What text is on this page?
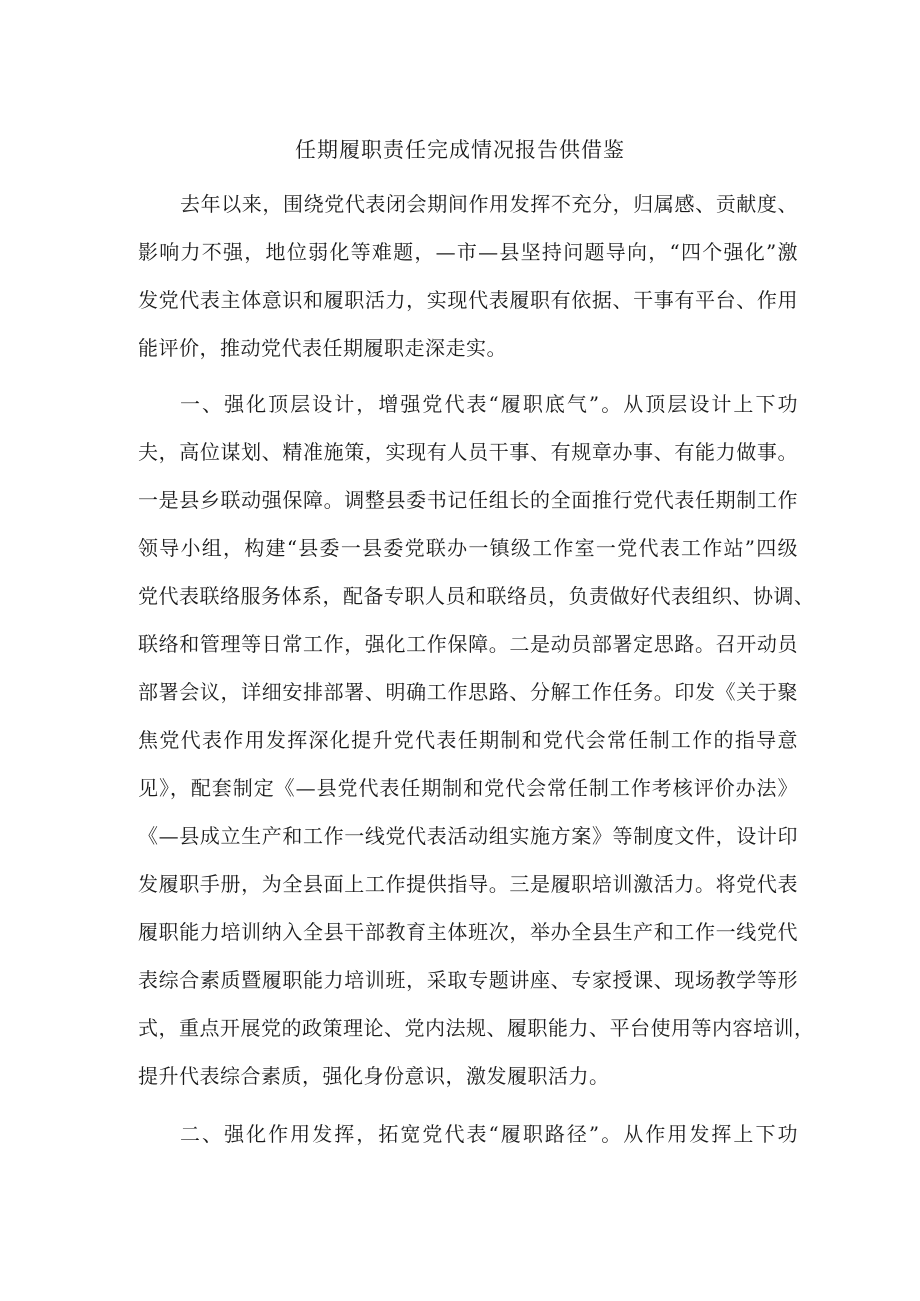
任期履职责任完成情况报告供借鉴
去年以来，围绕党代表闭会期间作用发挥不充分，归属感、贡献度、
影响力不强，地位弱化等难题，—市—县坚持问题导向，“四个强化”激
发党代表主体意识和履职活力，实现代表履职有依据、干事有平台、作用
能评价，推动党代表任期履职走深走实。
一、强化顶层设计，增强党代表“履职底气”。从顶层设计上下功
夫，高位谋划、精准施策，实现有人员干事、有规章办事、有能力做事。
一是县乡联动强保障。调整县委书记任组长的全面推行党代表任期制工作
领导小组，构建“县委一县委党联办一镇级工作室一党代表工作站”四级
党代表联络服务体系，配备专职人员和联络员，负责做好代表组织、协调、
联络和管理等日常工作，强化工作保障。二是动员部署定思路。召开动员
部署会议，详细安排部署、明确工作思路、分解工作任务。印发《关于聚
焦党代表作用发挥深化提升党代表任期制和党代会常任制工作的指导意
见》，配套制定《—县党代表任期制和党代会常任制工作考核评价办法》
《—县成立生产和工作一线党代表活动组实施方案》等制度文件，设计印
发履职手册，为全县面上工作提供指导。三是履职培训激活力。将党代表
履职能力培训纳入全县干部教育主体班次，举办全县生产和工作一线党代
表综合素质暨履职能力培训班，采取专题讲座、专家授课、现场教学等形
式，重点开展党的政策理论、党内法规、履职能力、平台使用等内容培训，
提升代表综合素质，强化身份意识，激发履职活力。
二、强化作用发挥，拓宽党代表“履职路径”。从作用发挥上下功
